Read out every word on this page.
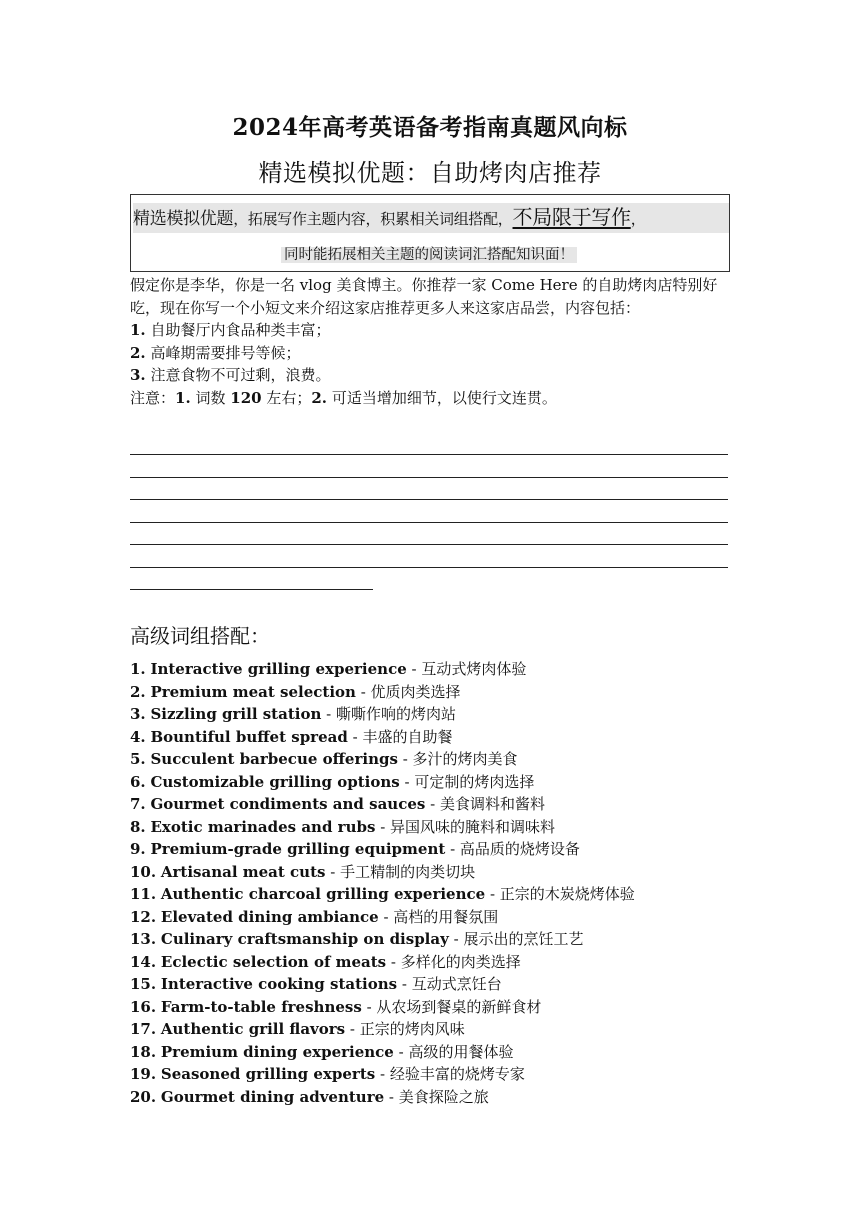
2024年高考英语备考指南真题风向标
精选模拟优题：自助烤肉店推荐
精选模拟优题，拓展写作主题内容，积累相关词组搭配，不局限于写作，
同时能拓展相关主题的阅读词汇搭配知识面！

假定你是李华，你是一名 vlog 美食博主。你推荐一家 Come Here 的自助烤肉店特别好吃，现在你写一个小短文来介绍这家店推荐更多人来这家店品尝，内容包括：

1. 自助餐厅内食品种类丰富；

2. 高峰期需要排号等候；

3. 注意食物不可过剩，浪费。

注意：1. 词数 120 左右；2. 可适当增加细节，以使行文连贯。

高级词组搭配：
1. Interactive grilling experience - 互动式烤肉体验
2. Premium meat selection - 优质肉类选择
3. Sizzling grill station - 嘶嘶作响的烤肉站
4. Bountiful buffet spread - 丰盛的自助餐
5. Succulent barbecue offerings - 多汁的烤肉美食
6. Customizable grilling options - 可定制的烤肉选择
7. Gourmet condiments and sauces - 美食调料和酱料
8. Exotic marinades and rubs - 异国风味的腌料和调味料
9. Premium-grade grilling equipment - 高品质的烧烤设备
10. Artisanal meat cuts - 手工精制的肉类切块
11. Authentic charcoal grilling experience - 正宗的木炭烧烤体验
12. Elevated dining ambiance - 高档的用餐氛围
13. Culinary craftsmanship on display - 展示出的烹饪工艺
14. Eclectic selection of meats - 多样化的肉类选择
15. Interactive cooking stations - 互动式烹饪台
16. Farm-to-table freshness - 从农场到餐桌的新鲜食材
17. Authentic grill flavors - 正宗的烤肉风味
18. Premium dining experience - 高级的用餐体验
19. Seasoned grilling experts - 经验丰富的烧烤专家
20. Gourmet dining adventure - 美食探险之旅
